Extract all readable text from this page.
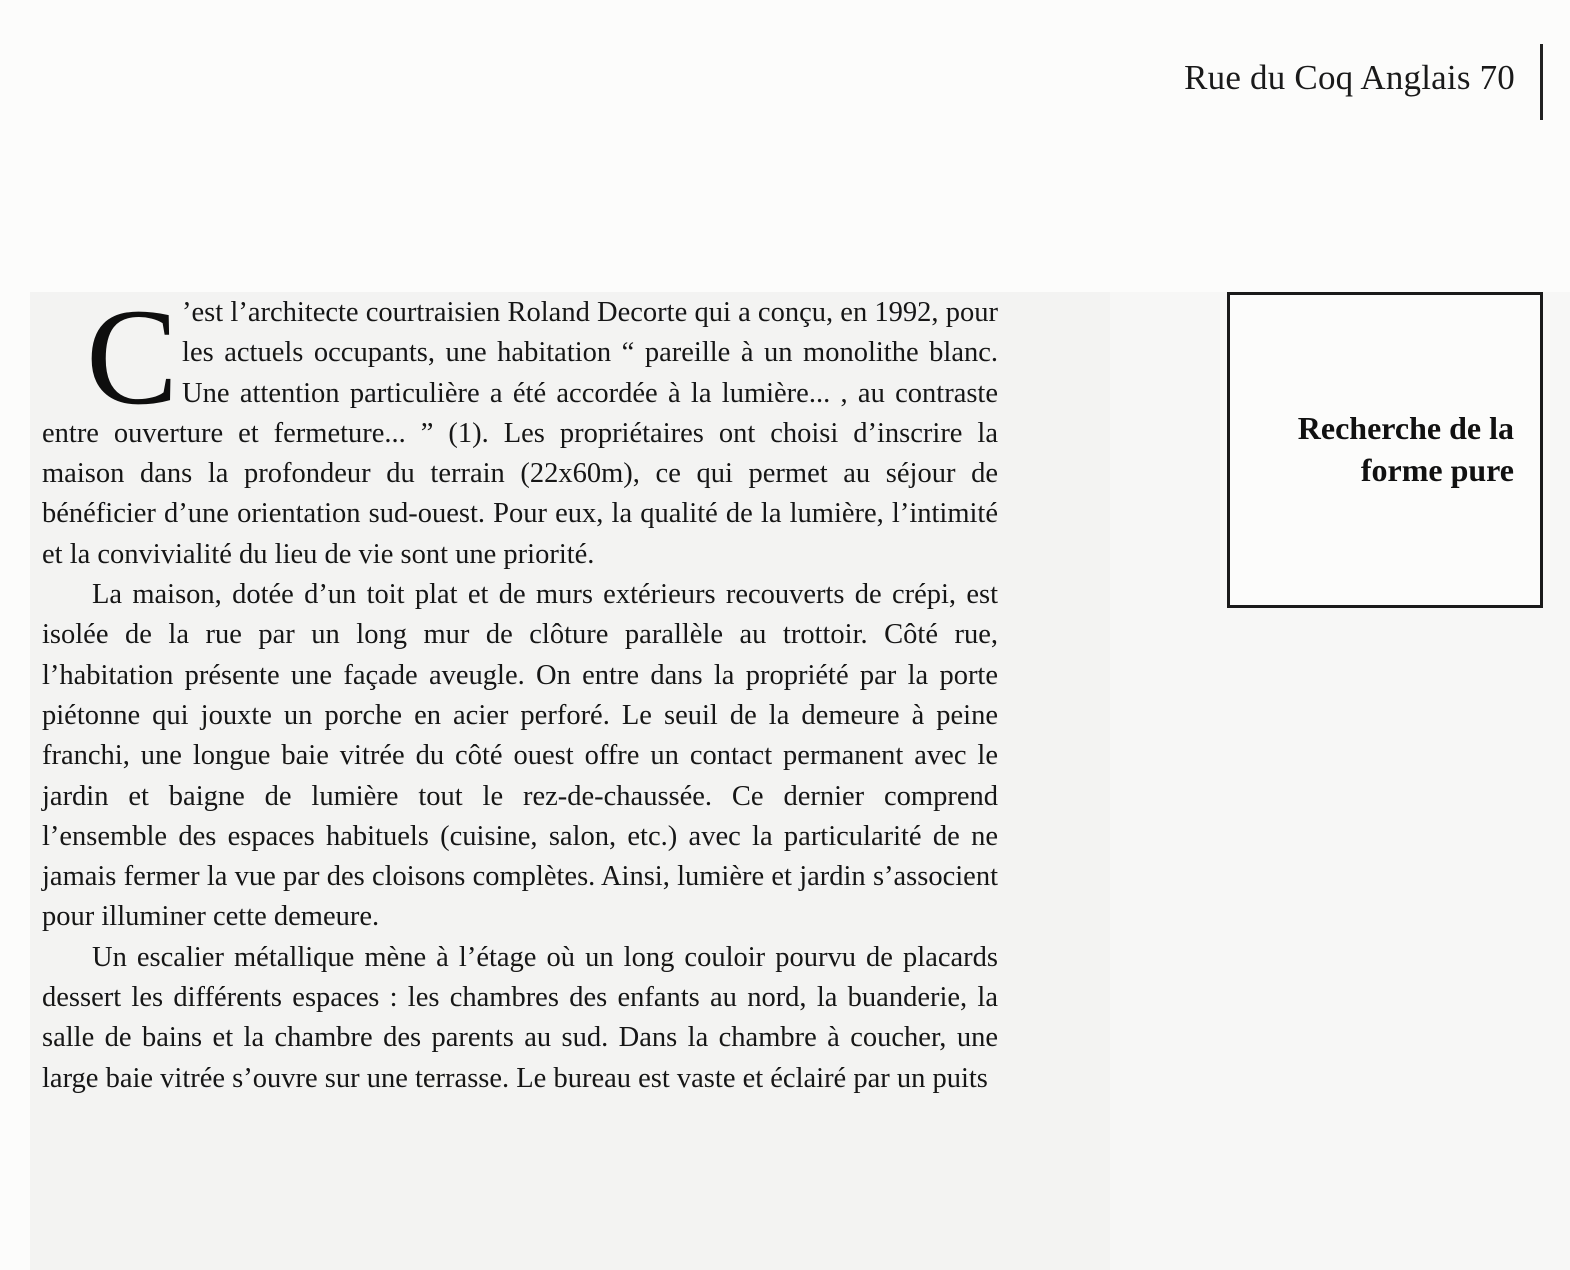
Rue du Coq Anglais 70

C ’est l’architecte courtraisien Roland Decorte qui a conçu, en 1992, pour les actuels occupants, une habitation “ pareille à un monolithe blanc. Une attention particulière a été accordée à la lumière... , au contraste entre ouverture et fermeture... ” (1). Les propriétaires ont choisi d’inscrire la maison dans la profondeur du terrain (22x60m), ce qui permet au séjour de bénéficier d’une orientation sud-ouest. Pour eux, la qualité de la lumière, l’intimité et la convivialité du lieu de vie sont une priorité.

La maison, dotée d’un toit plat et de murs extérieurs recouverts de crépi, est isolée de la rue par un long mur de clôture parallèle au trottoir. Côté rue, l’habitation présente une façade aveugle. On entre dans la propriété par la porte piétonne qui jouxte un porche en acier perforé. Le seuil de la demeure à peine franchi, une longue baie vitrée du côté ouest offre un contact permanent avec le jardin et baigne de lumière tout le rez-de-chaussée. Ce dernier comprend l’ensemble des espaces habituels (cuisine, salon, etc.) avec la particularité de ne jamais fermer la vue par des cloisons complètes. Ainsi, lumière et jardin s’associent pour illuminer cette demeure.

Un escalier métallique mène à l’étage où un long couloir pourvu de placards dessert les différents espaces : les chambres des enfants au nord, la buanderie, la salle de bains et la chambre des parents au sud. Dans la chambre à coucher, une large baie vitrée s’ouvre sur une terrasse. Le bureau est vaste et éclairé par un puits

Recherche de la
forme pure
